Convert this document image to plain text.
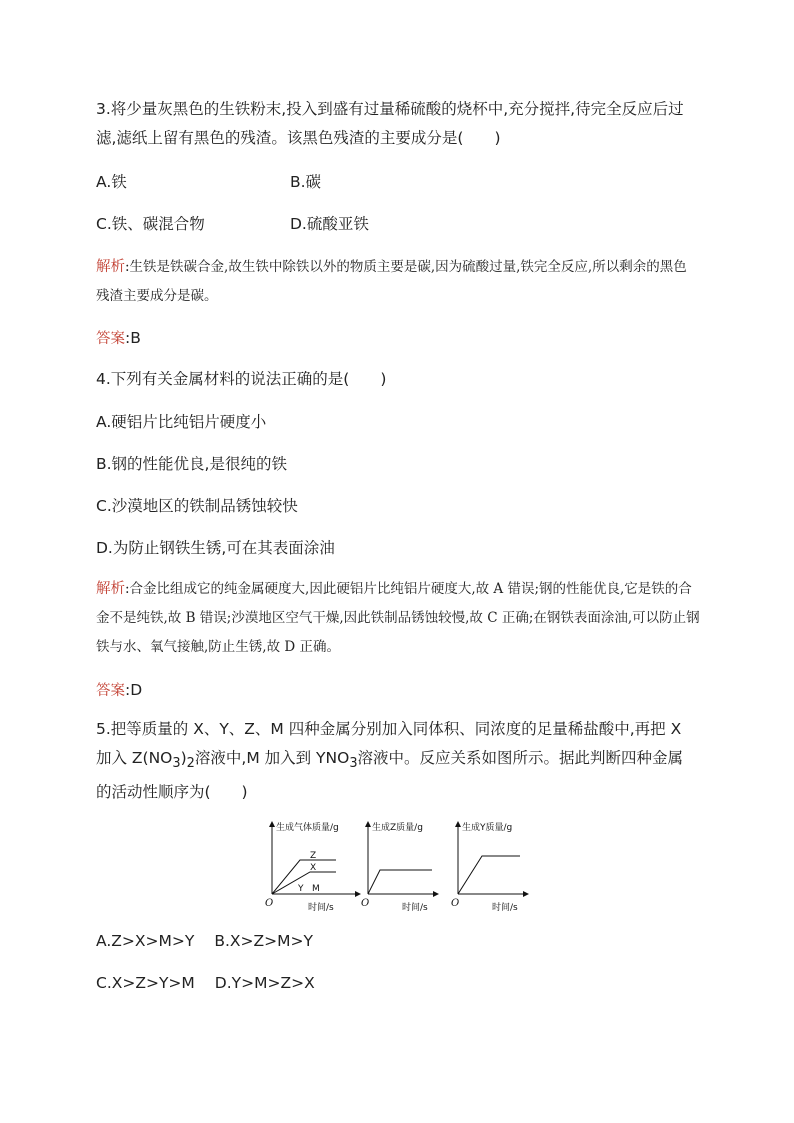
3.将少量灰黑色的生铁粉末,投入到盛有过量稀硫酸的烧杯中,充分搅拌,待完全反应后过滤,滤纸上留有黑色的残渣。该黑色残渣的主要成分是(　　)
A.铁	B.碳
C.铁、碳混合物	D.硫酸亚铁
解析:生铁是铁碳合金,故生铁中除铁以外的物质主要是碳,因为硫酸过量,铁完全反应,所以剩余的黑色残渣主要成分是碳。
答案:B
4.下列有关金属材料的说法正确的是(　　)
A.硬铝片比纯铝片硬度小
B.钢的性能优良,是很纯的铁
C.沙漠地区的铁制品锈蚀较快
D.为防止钢铁生锈,可在其表面涂油
解析:合金比组成它的纯金属硬度大,因此硬铝片比纯铝片硬度大,故 A 错误;钢的性能优良,它是铁的合金不是纯铁,故 B 错误;沙漠地区空气干燥,因此铁制品锈蚀较慢,故 C 正确;在钢铁表面涂油,可以防止钢铁与水、氧气接触,防止生锈,故 D 正确。
答案:D
5.把等质量的 X、Y、Z、M 四种金属分别加入同体积、同浓度的足量稀盐酸中,再把 X
加入 $Z(NO_3)_2$溶液中,M 加入到 $YNO_3$溶液中。反应关系如图所示。据此判断四种金属
的活动性顺序为(　　)
生成气体质量/g
时间/s
O
Z
X
Y M
生成Z质量/g
时间/s
O
生成Y质量/g
时间/s
O
A.Z>X>M>Y B.X>Z>M>Y
C.X>Z>Y>M D.Y>M>Z>X
